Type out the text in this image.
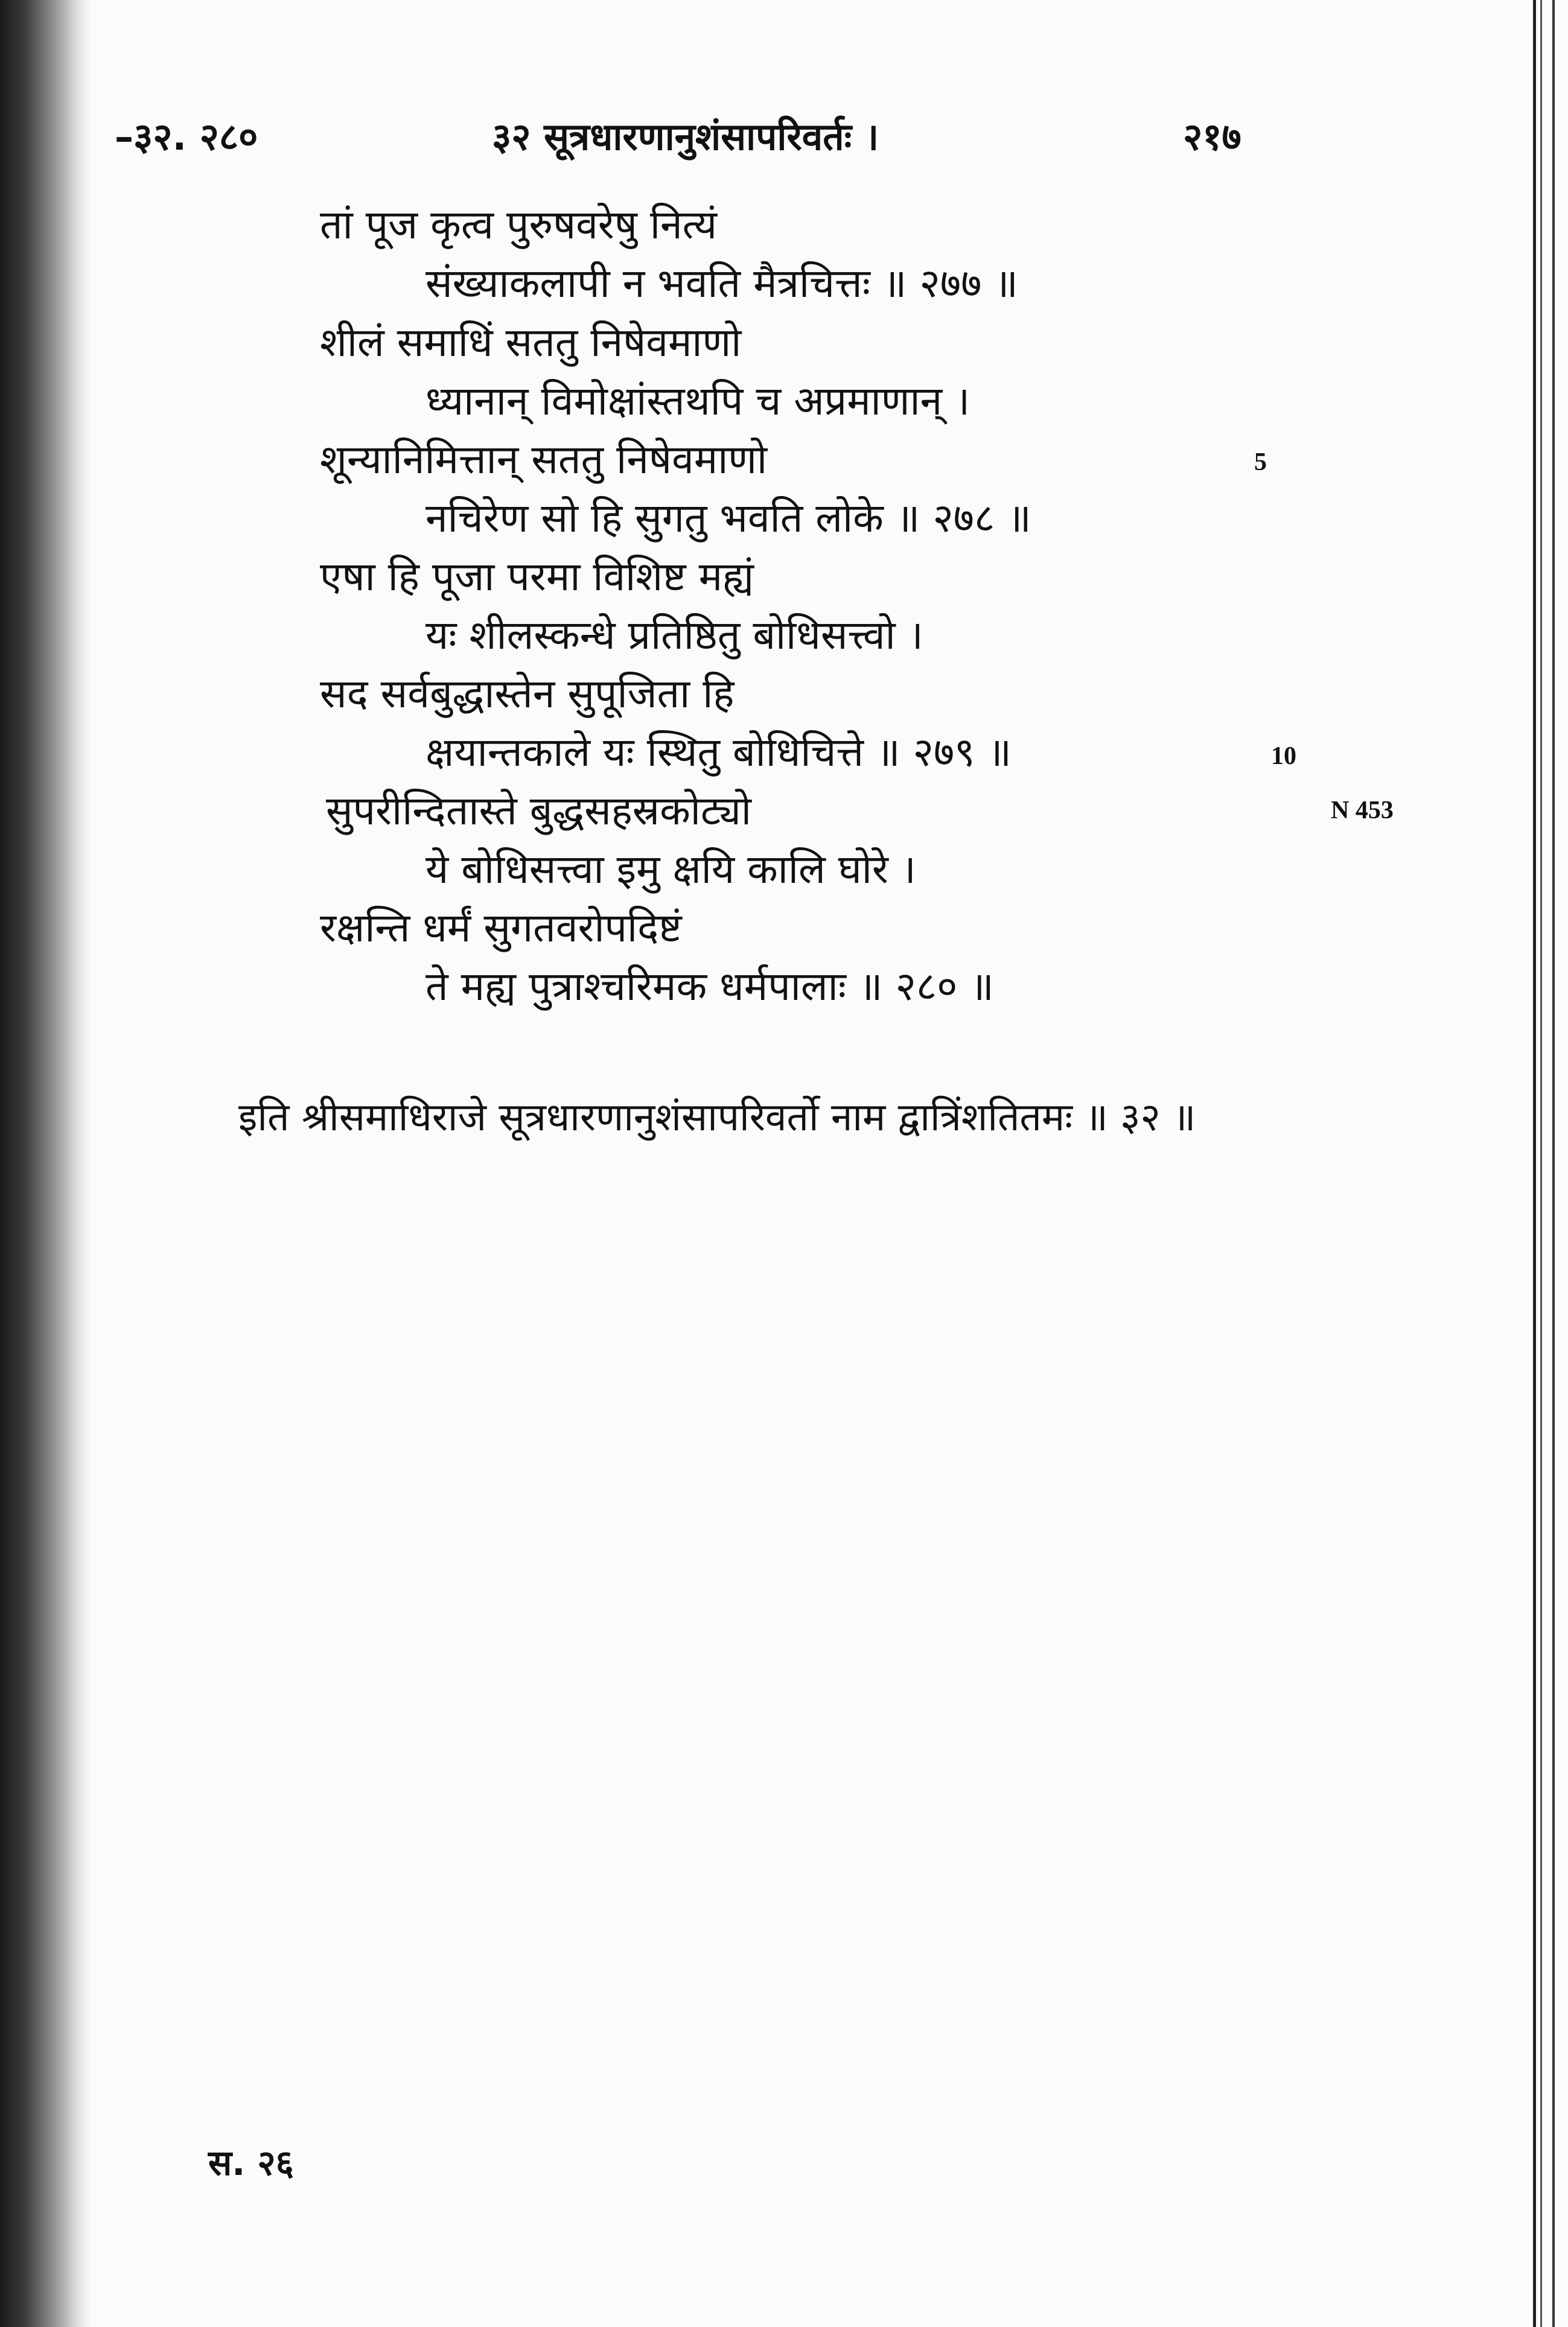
–३२. २८०	३२ सूत्रधारणानुशंसापरिवर्तः ।	२१७
तां पूज कृत्व पुरुषवरेषु नित्यं
संख्याकलापी न भवति मैत्रचित्तः ॥ २७७ ॥
शीलं समाधिं सततु निषेवमाणो
ध्यानान् विमोक्षांस्तथपि च अप्रमाणान् ।
शून्यानिमित्तान् सततु निषेवमाणो
नचिरेण सो हि सुगतु भवति लोके ॥ २७८ ॥
एषा हि पूजा परमा विशिष्ट मह्यं
यः शीलस्कन्धे प्रतिष्ठितु बोधिसत्त्वो ।
सद सर्वबुद्धास्तेन सुपूजिता हि
क्षयान्तकाले यः स्थितु बोधिचित्ते ॥ २७९ ॥
सुपरीन्दितास्ते बुद्धसहस्रकोट्यो
ये बोधिसत्त्वा इमु क्षयि कालि घोरे ।
रक्षन्ति धर्मं सुगतवरोपदिष्टं
ते मह्य पुत्राश्चरिमक धर्मपालाः ॥ २८० ॥
5
10
N 453
इति श्रीसमाधिराजे सूत्रधारणानुशंसापरिवर्तो नाम द्वात्रिंशतितमः ॥ ३२ ॥
स. २६
